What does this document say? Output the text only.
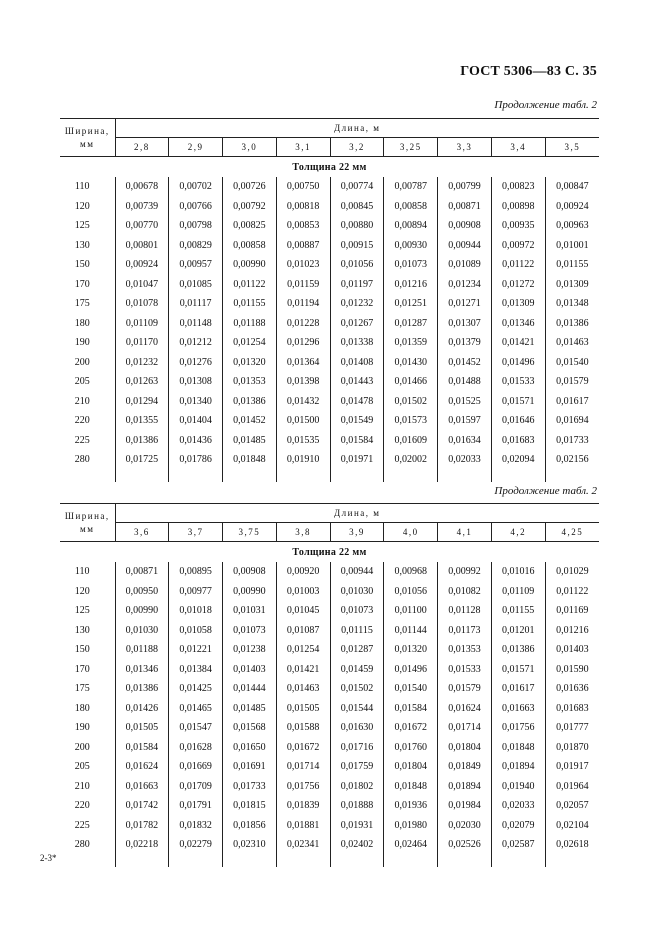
ГОСТ 5306—83 С. 35
Продолжение табл. 2
Ширина,
мм	Длина, м								
	2,8	2,9	3,0	3,1	3,2	3,25	3,3	3,4	3,5
Толщина 22 мм									
110	0,00678	0,00702	0,00726	0,00750	0,00774	0,00787	0,00799	0,00823	0,00847
120	0,00739	0,00766	0,00792	0,00818	0,00845	0,00858	0,00871	0,00898	0,00924
125	0,00770	0,00798	0,00825	0,00853	0,00880	0,00894	0,00908	0,00935	0,00963
130	0,00801	0,00829	0,00858	0,00887	0,00915	0,00930	0,00944	0,00972	0,01001
150	0,00924	0,00957	0,00990	0,01023	0,01056	0,01073	0,01089	0,01122	0,01155
170	0,01047	0,01085	0,01122	0,01159	0,01197	0,01216	0,01234	0,01272	0,01309
175	0,01078	0,01117	0,01155	0,01194	0,01232	0,01251	0,01271	0,01309	0,01348
180	0,01109	0,01148	0,01188	0,01228	0,01267	0,01287	0,01307	0,01346	0,01386
190	0,01170	0,01212	0,01254	0,01296	0,01338	0,01359	0,01379	0,01421	0,01463
200	0,01232	0,01276	0,01320	0,01364	0,01408	0,01430	0,01452	0,01496	0,01540
205	0,01263	0,01308	0,01353	0,01398	0,01443	0,01466	0,01488	0,01533	0,01579
210	0,01294	0,01340	0,01386	0,01432	0,01478	0,01502	0,01525	0,01571	0,01617
220	0,01355	0,01404	0,01452	0,01500	0,01549	0,01573	0,01597	0,01646	0,01694
225	0,01386	0,01436	0,01485	0,01535	0,01584	0,01609	0,01634	0,01683	0,01733
280	0,01725	0,01786	0,01848	0,01910	0,01971	0,02002	0,02033	0,02094	0,02156

Продолжение табл. 2
Ширина,
мм	Длина, м								
	3,6	3,7	3,75	3,8	3,9	4,0	4,1	4,2	4,25
Толщина 22 мм									
110	0,00871	0,00895	0,00908	0,00920	0,00944	0,00968	0,00992	0,01016	0,01029
120	0,00950	0,00977	0,00990	0,01003	0,01030	0,01056	0,01082	0,01109	0,01122
125	0,00990	0,01018	0,01031	0,01045	0,01073	0,01100	0,01128	0,01155	0,01169
130	0,01030	0,01058	0,01073	0,01087	0,01115	0,01144	0,01173	0,01201	0,01216
150	0,01188	0,01221	0,01238	0,01254	0,01287	0,01320	0,01353	0,01386	0,01403
170	0,01346	0,01384	0,01403	0,01421	0,01459	0,01496	0,01533	0,01571	0,01590
175	0,01386	0,01425	0,01444	0,01463	0,01502	0,01540	0,01579	0,01617	0,01636
180	0,01426	0,01465	0,01485	0,01505	0,01544	0,01584	0,01624	0,01663	0,01683
190	0,01505	0,01547	0,01568	0,01588	0,01630	0,01672	0,01714	0,01756	0,01777
200	0,01584	0,01628	0,01650	0,01672	0,01716	0,01760	0,01804	0,01848	0,01870
205	0,01624	0,01669	0,01691	0,01714	0,01759	0,01804	0,01849	0,01894	0,01917
210	0,01663	0,01709	0,01733	0,01756	0,01802	0,01848	0,01894	0,01940	0,01964
220	0,01742	0,01791	0,01815	0,01839	0,01888	0,01936	0,01984	0,02033	0,02057
225	0,01782	0,01832	0,01856	0,01881	0,01931	0,01980	0,02030	0,02079	0,02104
280	0,02218	0,02279	0,02310	0,02341	0,02402	0,02464	0,02526	0,02587	0,02618

2-3*
